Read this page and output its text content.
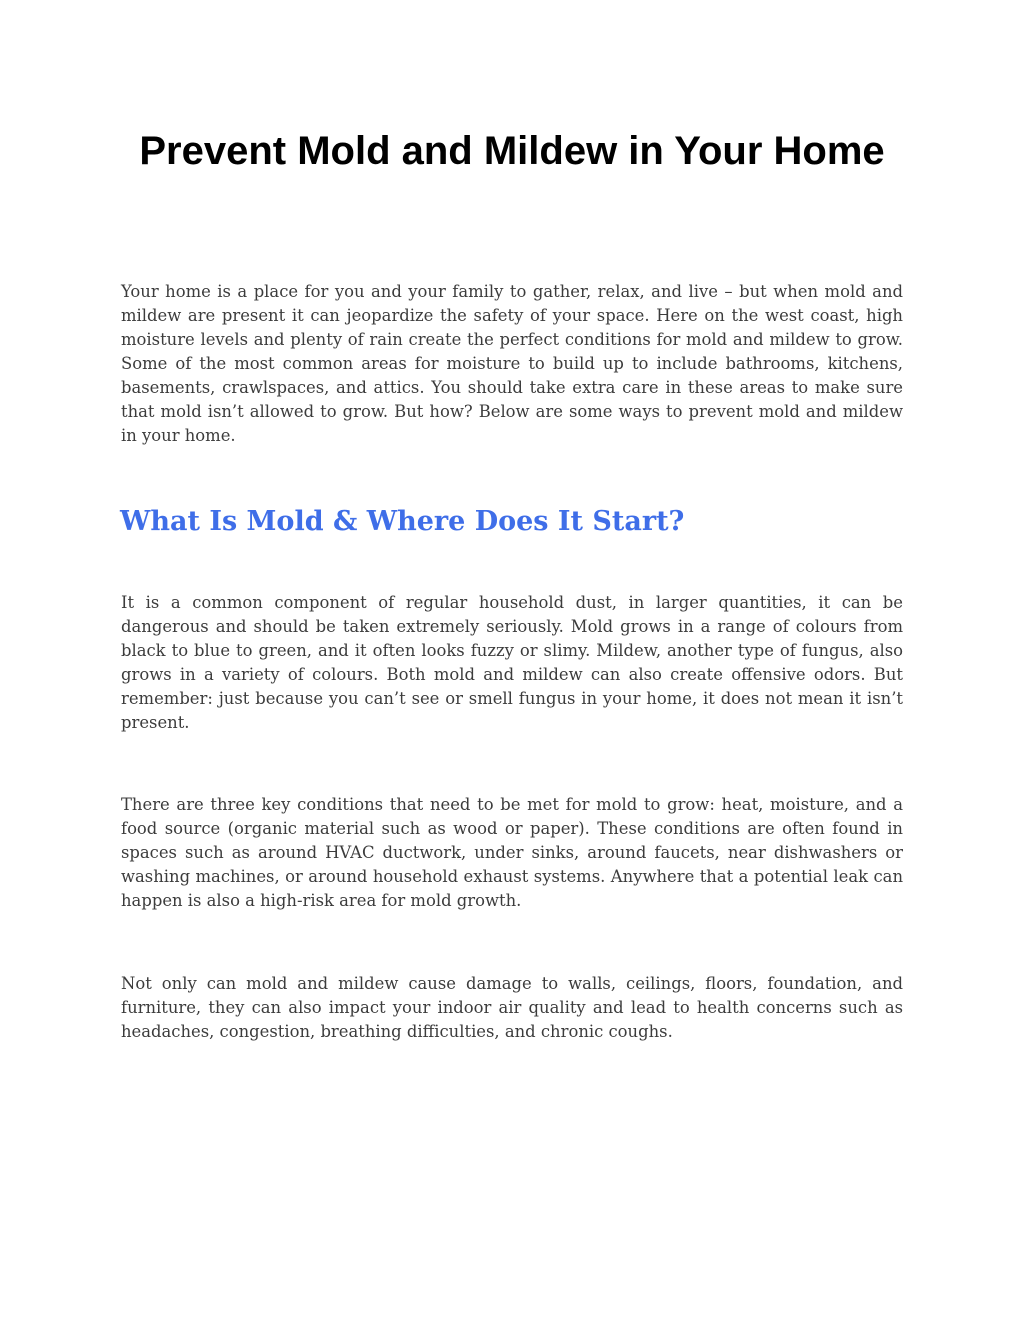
Prevent Mold and Mildew in Your Home

Your home is a place for you and your family to gather, relax, and live – but when mold and mildew are present it can jeopardize the safety of your space. Here on the west coast, high moisture levels and plenty of rain create the perfect conditions for mold and mildew to grow. Some of the most common areas for moisture to build up to include bathrooms, kitchens, basements, crawlspaces, and attics. You should take extra care in these areas to make sure that mold isn’t allowed to grow. But how? Below are some ways to prevent mold and mildew in your home.

What Is Mold & Where Does It Start?

It is a common component of regular household dust, in larger quantities, it can be dangerous and should be taken extremely seriously. Mold grows in a range of colours from black to blue to green, and it often looks fuzzy or slimy. Mildew, another type of fungus, also grows in a variety of colours. Both mold and mildew can also create offensive odors. But remember: just because you can’t see or smell fungus in your home, it does not mean it isn’t present.

There are three key conditions that need to be met for mold to grow: heat, moisture, and a food source (organic material such as wood or paper). These conditions are often found in spaces such as around HVAC ductwork, under sinks, around faucets, near dishwashers or washing machines, or around household exhaust systems. Anywhere that a potential leak can happen is also a high-risk area for mold growth.

Not only can mold and mildew cause damage to walls, ceilings, floors, foundation, and furniture, they can also impact your indoor air quality and lead to health concerns such as headaches, congestion, breathing difficulties, and chronic coughs.
